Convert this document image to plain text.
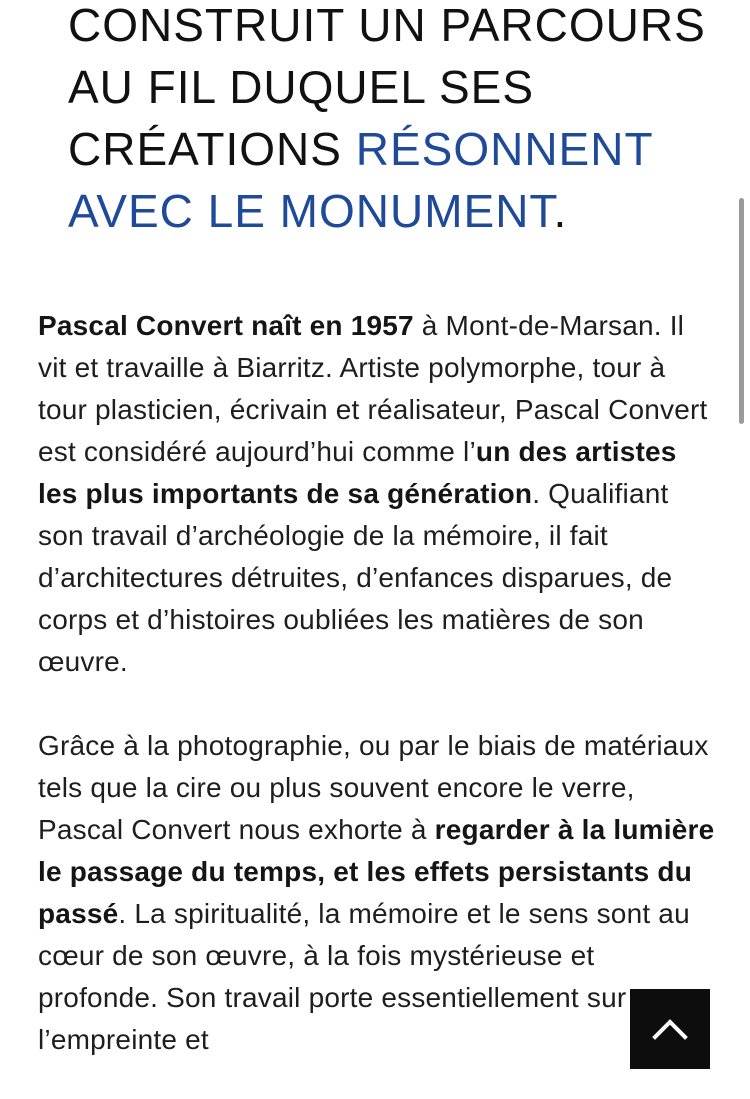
CONSTRUIT UN PARCOURS
AU FIL DUQUEL SES
CRÉATIONS RÉSONNENT
AVEC LE MONUMENT.

Pascal Convert naît en 1957 à Mont-de-Marsan. Il vit et travaille à Biarritz. Artiste polymorphe, tour à tour plasticien, écrivain et réalisateur, Pascal Convert est considéré aujourd’hui comme l’un des artistes les plus importants de sa génération. Qualifiant son travail d’archéologie de la mémoire, il fait d’architectures détruites, d’enfances disparues, de corps et d’histoires oubliées les matières de son œuvre.

Grâce à la photographie, ou par le biais de matériaux tels que la cire ou plus souvent encore le verre, Pascal Convert nous exhorte à regarder à la lumière le passage du temps, et les effets persistants du passé. La spiritualité, la mémoire et le sens sont au cœur de son œuvre, à la fois mystérieuse et profonde. Son travail porte essentiellement sur l’empreinte et
